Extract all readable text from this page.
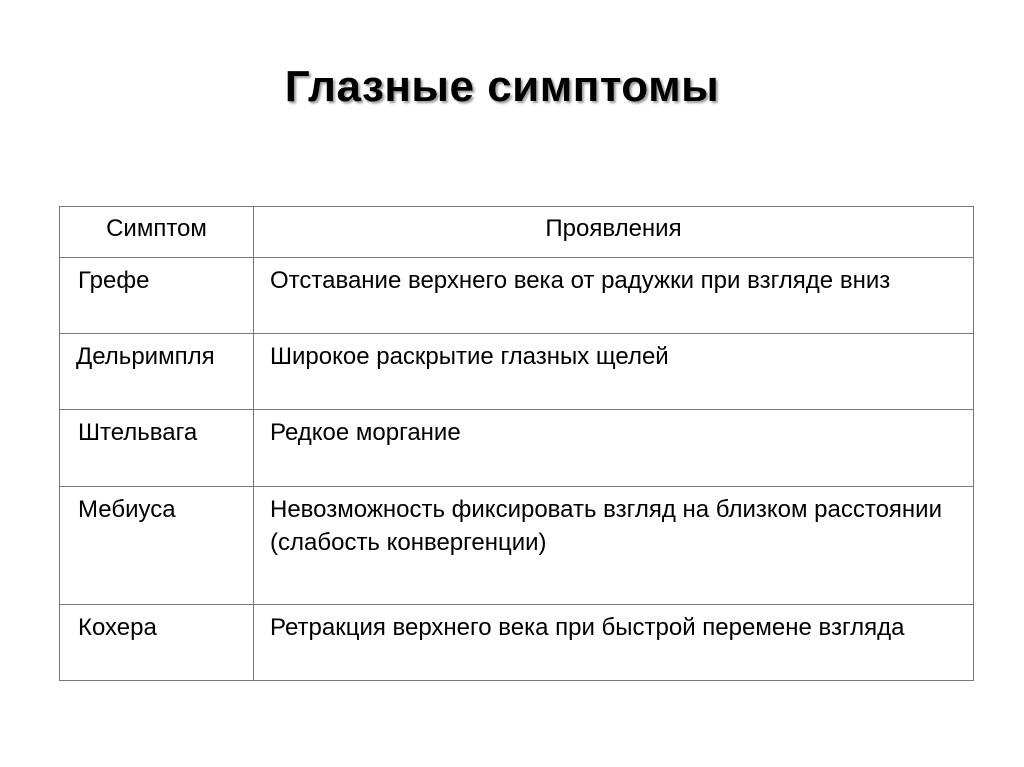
Глазные симптомы
Симптом	Проявления
Грефе	Отставание верхнего века от радужки при взгляде вниз
Дельримпля	Широкое раскрытие глазных щелей
Штельвага	Редкое моргание
Мебиуса	Невозможность фиксировать взгляд на близком расстоянии (слабость конвергенции)
Кохера	Ретракция верхнего века при быстрой перемене взгляда
